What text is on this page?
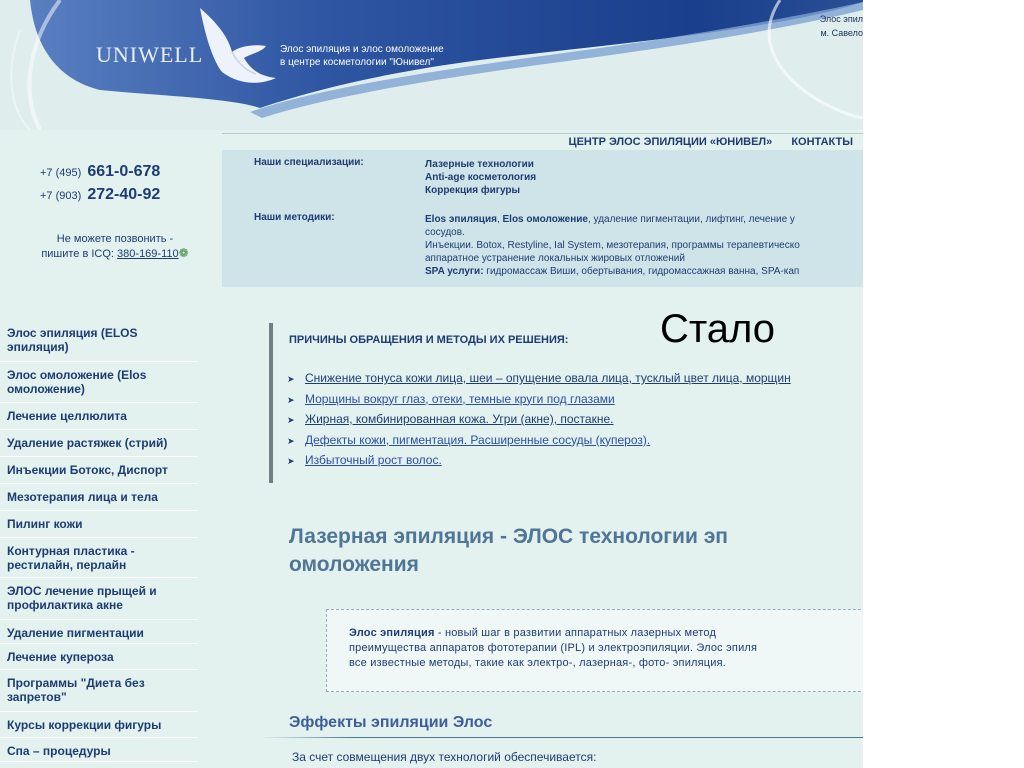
UNIWELL	Элос эпиляция и элос омоложение
в центре косметологии "Юнивел"
Элос эпил
м. Савело
ЦЕНТР ЭЛОС ЭПИЛЯЦИИ «ЮНИВЕЛ» КОНТАКТЫ
+7 (495) 661-0-678
+7 (903) 272-40-92
Не можете позвонить -
пишите в ICQ: 380-169-110❁
Наши специализации:	Лазерные технологии
Anti-age косметология
Коррекция фигуры
Наши методики:	Elos эпиляция, Elos омоложение, удаление пигментации, лифтинг, лечение у
сосудов.
Инъекции. Botox, Restyline, Ial System, мезотерапия, программы терапевтическо
аппаратное устранение локальных жировых отложений
SPA услуги: гидромассаж Виши, обертывания, гидромассажная ванна, SPA-кап
Элос эпиляция (ELOS эпиляция)
Элос омоложение (Elos омоложение)
Лечение целлюлита
Удаление растяжек (стрий)
Инъекции Ботокс, Диспорт
Мезотерапия лица и тела
Пилинг кожи
Контурная пластика - рестилайн, перлайн
ЭЛОС лечение прыщей и профилактика акне
Удаление пигментации
Лечение купероза
Программы "Диета без запретов"
Курсы коррекции фигуры
Спа – процедуры
ПРИЧИНЫ ОБРАЩЕНИЯ И МЕТОДЫ ИХ РЕШЕНИЯ: Стало
➤ Снижение тонуса кожи лица, шеи – опущение овала лица, тусклый цвет лица, морщин
➤ Морщины вокруг глаз, отеки, темные круги под глазами
➤ Жирная, комбинированная кожа. Угри (акне), постакне.
➤ Дефекты кожи, пигментация. Расширенные сосуды (купероз).
➤ Избыточный рост волос.
Лазерная эпиляция - ЭЛОС технологии эп
омоложения
Элос эпиляция - новый шаг в развитии аппаратных лазерных метод
преимущества аппаратов фототерапии (IPL) и электроэпиляции. Элос эпиля
все известные методы, такие как электро-, лазерная-, фото- эпиляция.
Эффекты эпиляции Элос
За счет совмещения двух технологий обеспечивается:
